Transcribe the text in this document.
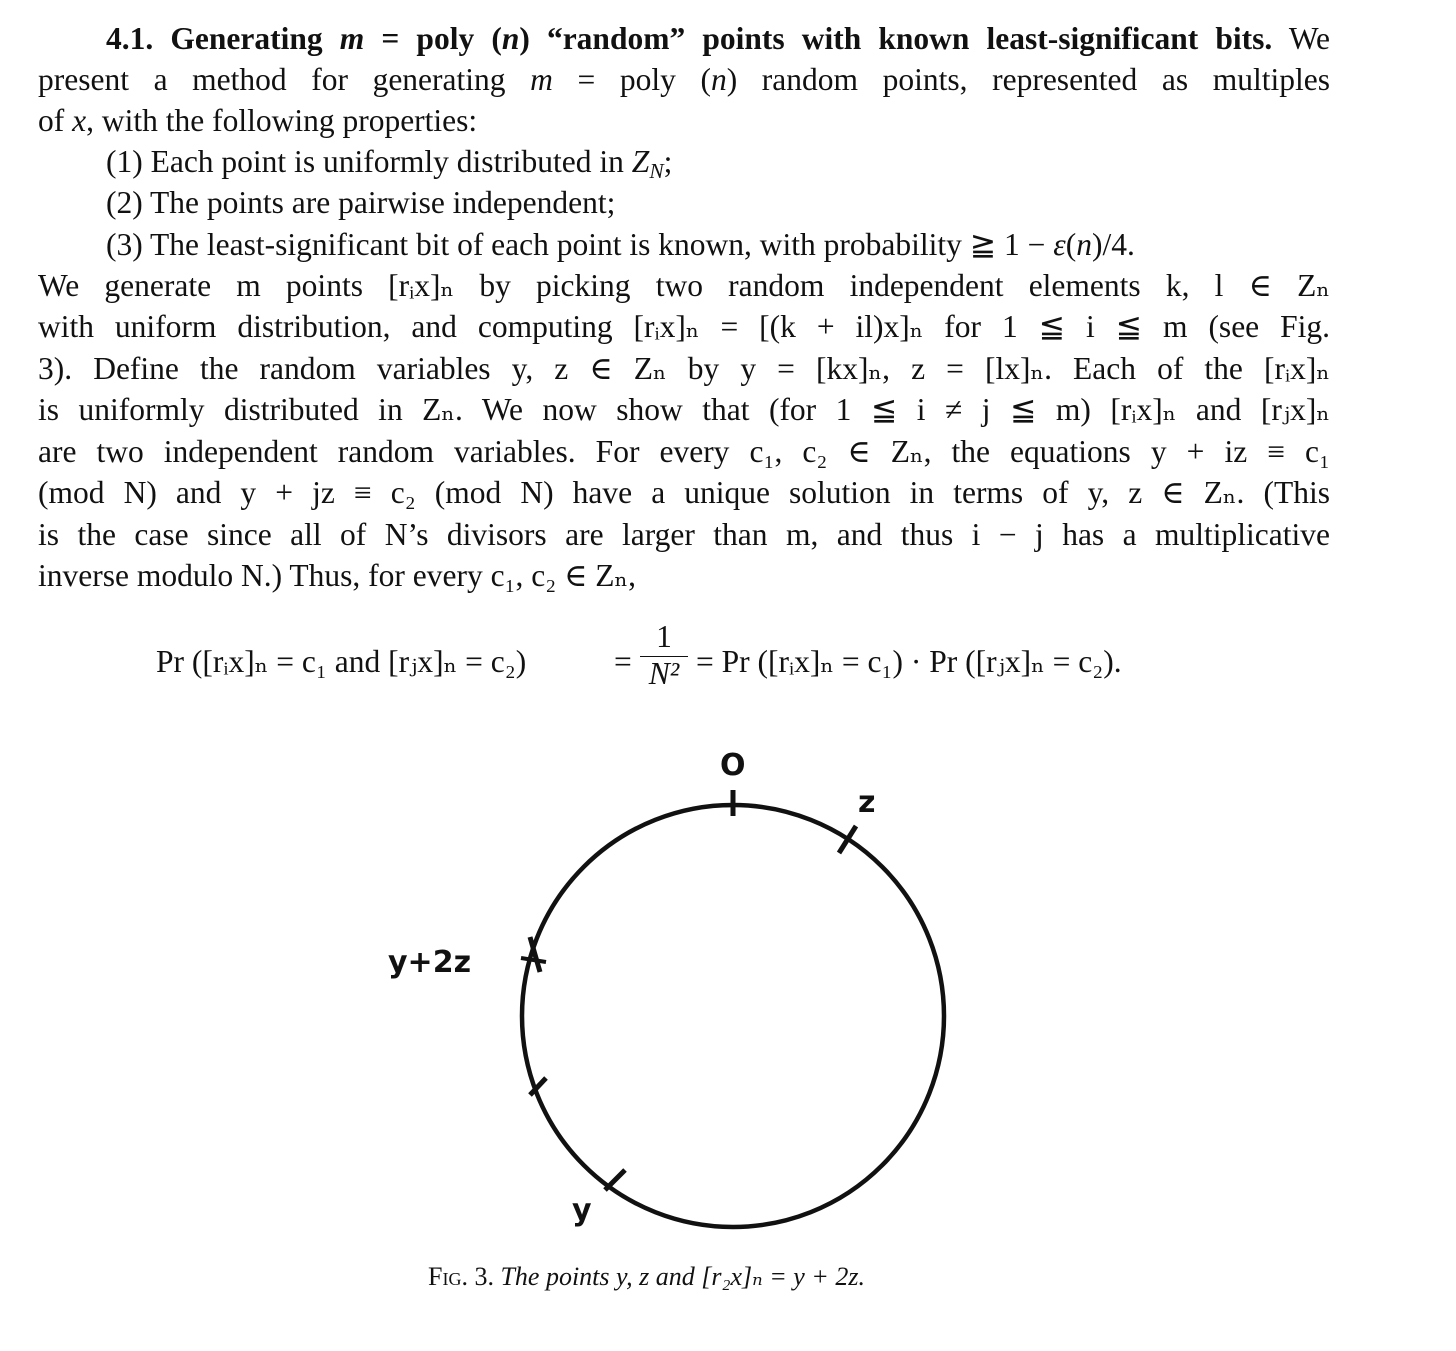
4.1. Generating m = poly (n) “random” points with known least-significant bits. We
present a method for generating m = poly (n) random points, represented as multiples
of x, with the following properties:
(1) Each point is uniformly distributed in $Z_N$;
(2) The points are pairwise independent;
(3) The least-significant bit of each point is known, with probability ≧ 1 − ε(n)/4.
We generate m points [rᵢx]ₙ by picking two random independent elements k, l ∈ Zₙ
with uniform distribution, and computing [rᵢx]ₙ = [(k + il)x]ₙ for 1 ≦ i ≦ m (see Fig.
3). Define the random variables y, z ∈ Zₙ by y = [kx]ₙ, z = [lx]ₙ. Each of the [rᵢx]ₙ
is uniformly distributed in Zₙ. We now show that (for 1 ≦ i ≠ j ≦ m) [rᵢx]ₙ and [rⱼx]ₙ
are two independent random variables. For every c₁, c₂ ∈ Zₙ, the equations y + iz ≡ c₁
(mod N) and y + jz ≡ c₂ (mod N) have a unique solution in terms of y, z ∈ Zₙ. (This
is the case since all of N’s divisors are larger than m, and thus i − j has a multiplicative
inverse modulo N.) Thus, for every c₁, c₂ ∈ Zₙ,
Pr ([rᵢx]ₙ = c₁ and [rⱼx]ₙ = c₂)	=
1
N² = Pr ([rᵢx]ₙ = c₁) · Pr ([rⱼx]ₙ = c₂).
O
z
y+2z
y
Fig. 3. The points y, z and [r₂x]ₙ = y + 2z.
